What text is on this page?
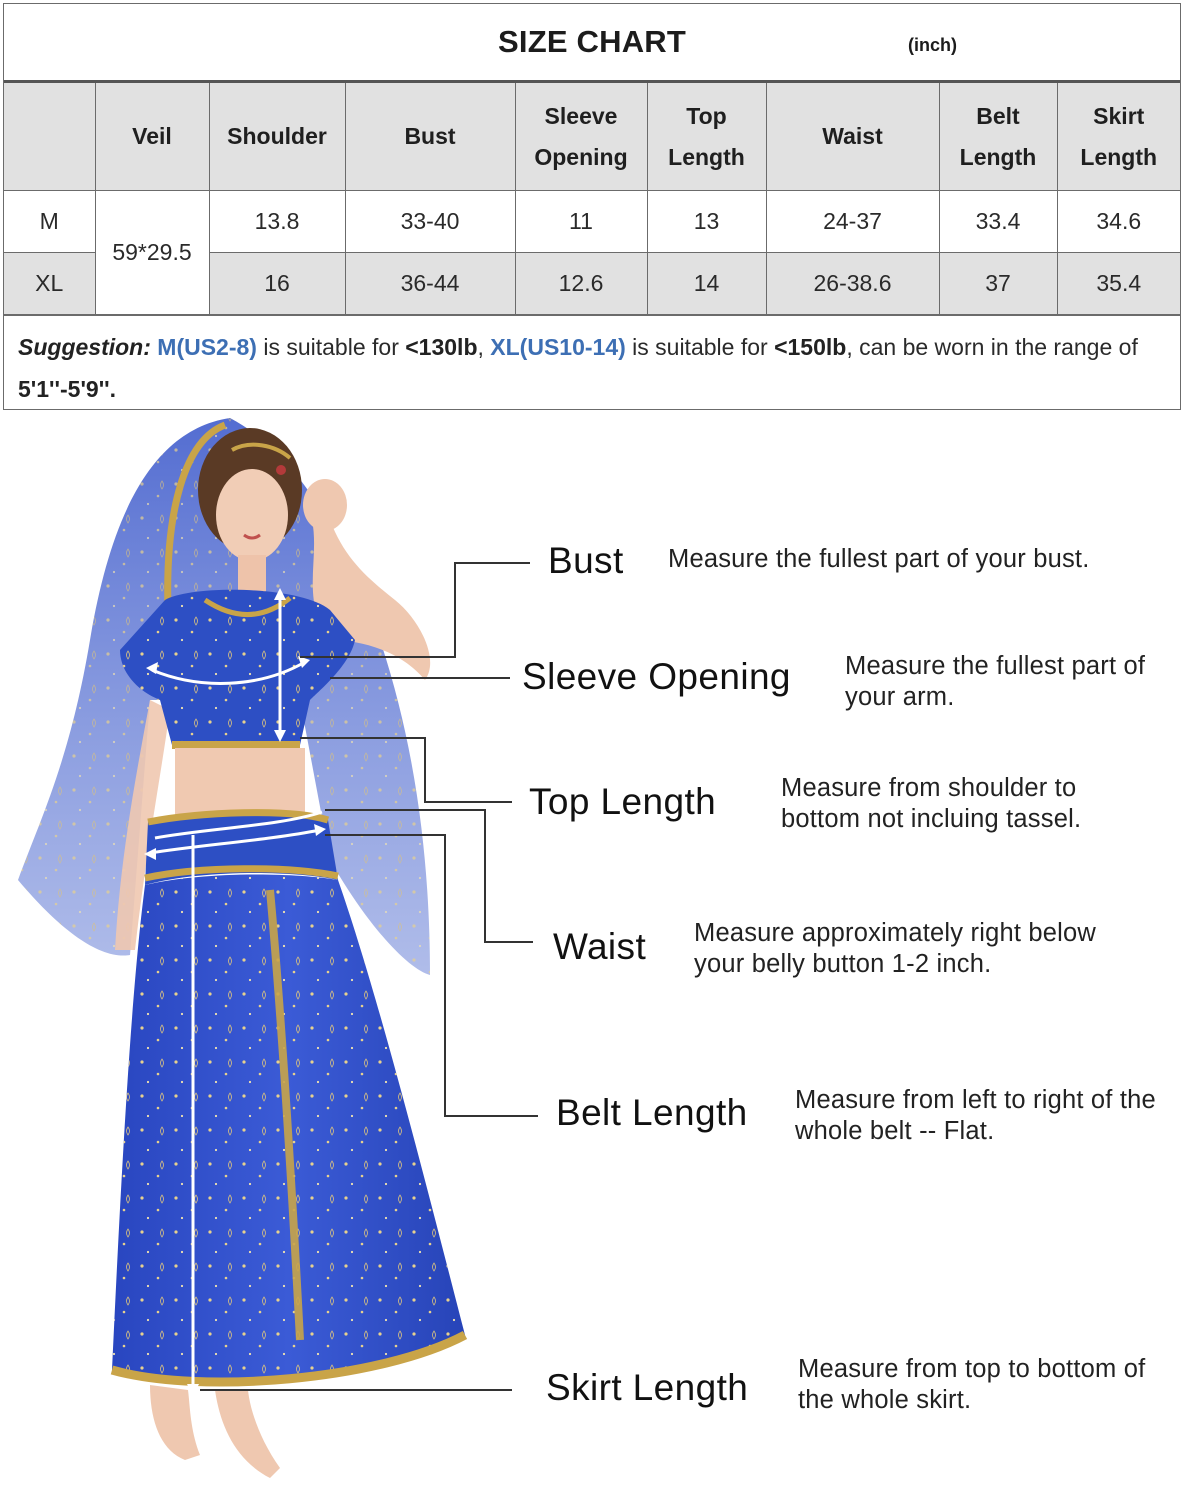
SIZE CHART	(inch)
	Veil	Shoulder	Bust	Sleeve Opening	Top Length	Waist	Belt Length	Skirt Length
M	59*29.5	13.8	33-40	11	13	24-37	33.4	34.6
XL		16	36-44	12.6	14	26-38.6	37	35.4
Suggestion: M(US2-8) is suitable for <130lb, XL(US10-14) is suitable for <150lb, can be worn in the range of 5'1''-5'9''.
Bust Measure the fullest part of your bust.
Sleeve Opening Measure the fullest part of your arm.
Top Length	Measure from shoulder to bottom not incluing tassel.
Waist Measure approximately right below your belly button 1-2 inch.
Belt Length Measure from left to right of the whole belt -- Flat.
Skirt Length Measure from top to bottom of the whole skirt.
